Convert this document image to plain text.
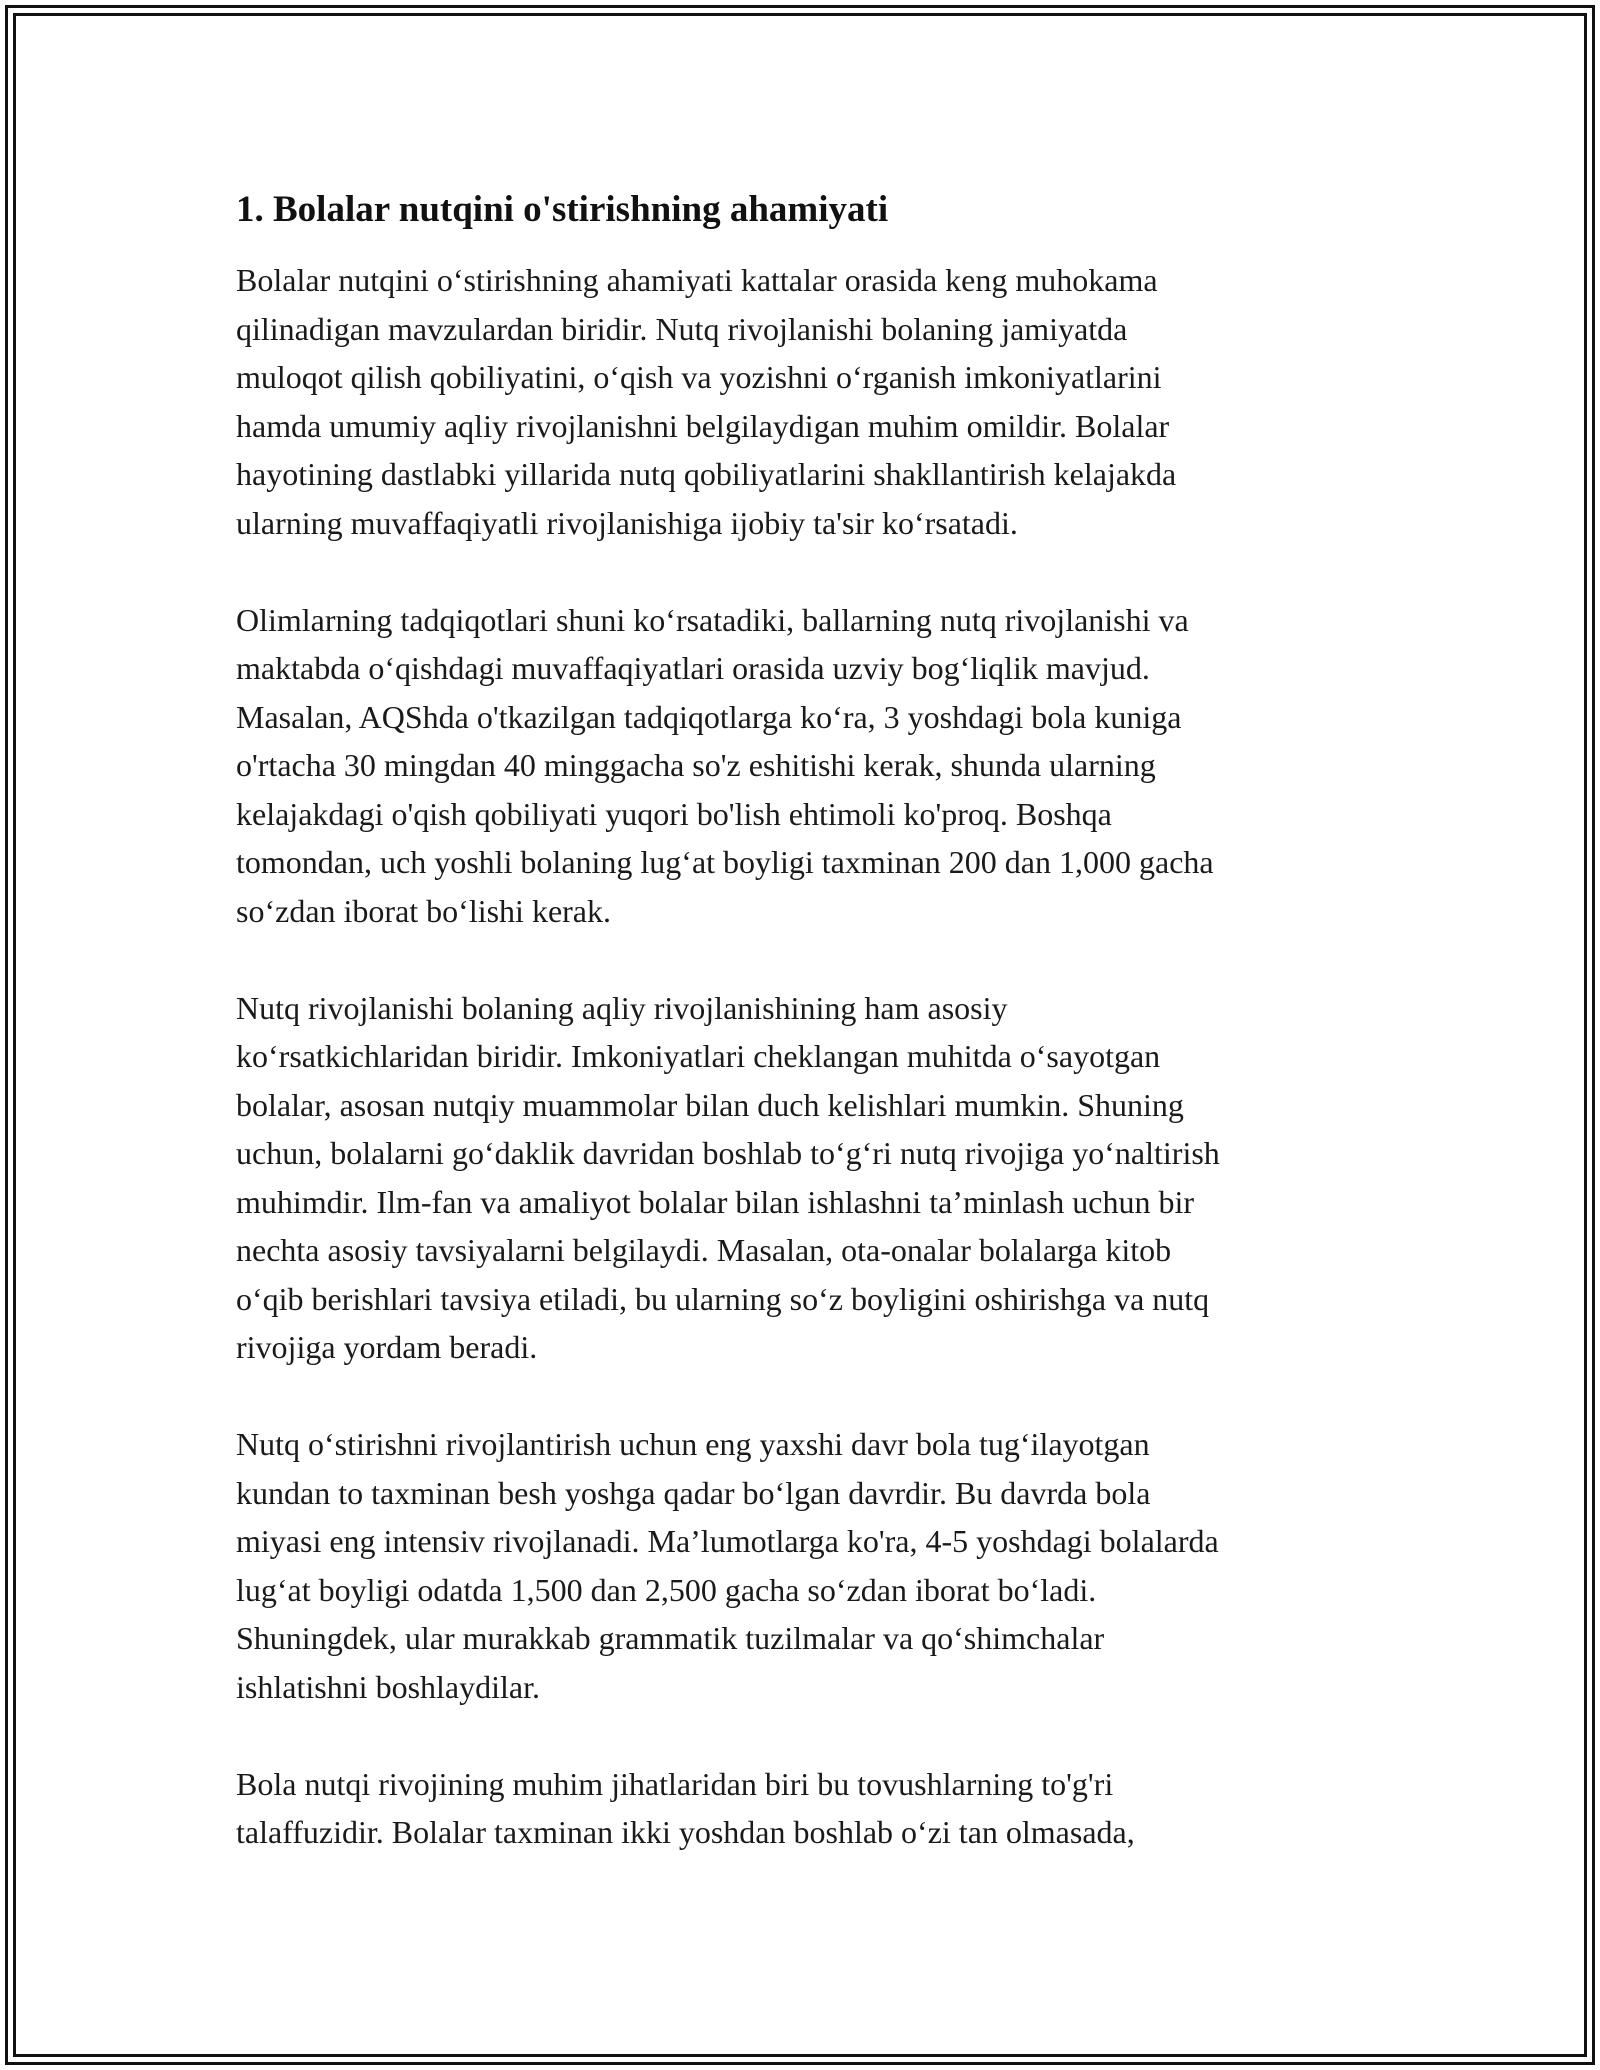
1. Bolalar nutqini o'stirishning ahamiyati

Bolalar nutqini oʻstirishning ahamiyati kattalar orasida keng muhokama
qilinadigan mavzulardan biridir. Nutq rivojlanishi bolaning jamiyatda
muloqot qilish qobiliyatini, oʻqish va yozishni oʻrganish imkoniyatlarini
hamda umumiy aqliy rivojlanishni belgilaydigan muhim omildir. Bolalar
hayotining dastlabki yillarida nutq qobiliyatlarini shakllantirish kelajakda
ularning muvaffaqiyatli rivojlanishiga ijobiy ta'sir koʻrsatadi.

Olimlarning tadqiqotlari shuni koʻrsatadiki, ballarning nutq rivojlanishi va
maktabda oʻqishdagi muvaffaqiyatlari orasida uzviy bogʻliqlik mavjud.
Masalan, AQShda o'tkazilgan tadqiqotlarga koʻra, 3 yoshdagi bola kuniga
o'rtacha 30 mingdan 40 minggacha so'z eshitishi kerak, shunda ularning
kelajakdagi o'qish qobiliyati yuqori bo'lish ehtimoli ko'proq. Boshqa
tomondan, uch yoshli bolaning lugʻat boyligi taxminan 200 dan 1,000 gacha
soʻzdan iborat boʻlishi kerak.

Nutq rivojlanishi bolaning aqliy rivojlanishining ham asosiy
koʻrsatkichlaridan biridir. Imkoniyatlari cheklangan muhitda oʻsayotgan
bolalar, asosan nutqiy muammolar bilan duch kelishlari mumkin. Shuning
uchun, bolalarni goʻdaklik davridan boshlab toʻgʻri nutq rivojiga yoʻnaltirish
muhimdir. Ilm-fan va amaliyot bolalar bilan ishlashni taʼminlash uchun bir
nechta asosiy tavsiyalarni belgilaydi. Masalan, ota-onalar bolalarga kitob
oʻqib berishlari tavsiya etiladi, bu ularning soʻz boyligini oshirishga va nutq
rivojiga yordam beradi.

Nutq oʻstirishni rivojlantirish uchun eng yaxshi davr bola tugʻilayotgan
kundan to taxminan besh yoshga qadar boʻlgan davrdir. Bu davrda bola
miyasi eng intensiv rivojlanadi. Maʼlumotlarga ko'ra, 4-5 yoshdagi bolalarda
lugʻat boyligi odatda 1,500 dan 2,500 gacha soʻzdan iborat boʻladi.
Shuningdek, ular murakkab grammatik tuzilmalar va qoʻshimchalar
ishlatishni boshlaydilar.

Bola nutqi rivojining muhim jihatlaridan biri bu tovushlarning to'g'ri
talaffuzidir. Bolalar taxminan ikki yoshdan boshlab oʻzi tan olmasada,
